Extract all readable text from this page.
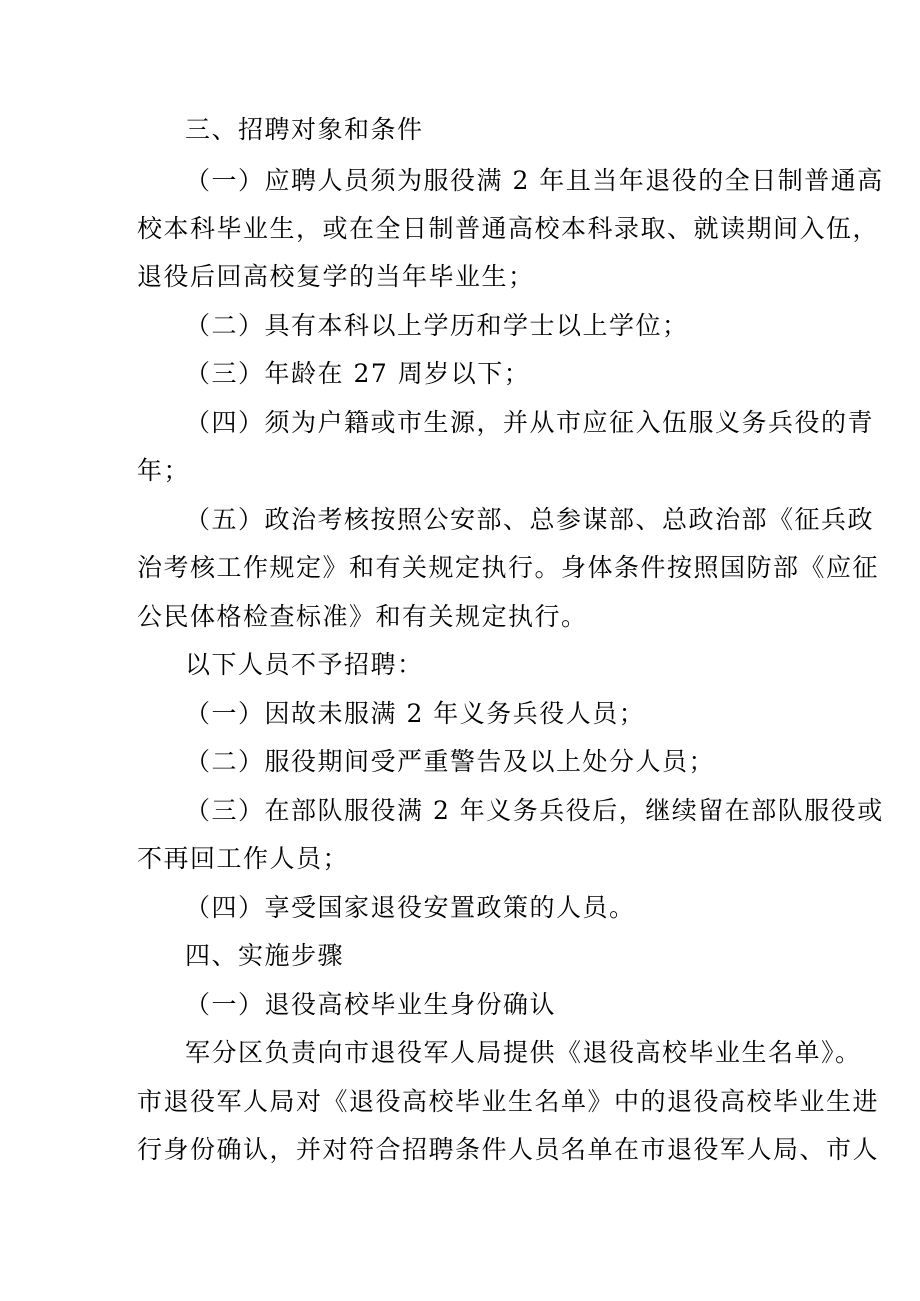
三、招聘对象和条件
（一）应聘人员须为服役满 2 年且当年退役的全日制普通高
校本科毕业生，或在全日制普通高校本科录取、就读期间入伍，
退役后回高校复学的当年毕业生；
（二）具有本科以上学历和学士以上学位；
（三）年龄在 27 周岁以下；
（四）须为户籍或市生源，并从市应征入伍服义务兵役的青
年；
（五）政治考核按照公安部、总参谋部、总政治部《征兵政
治考核工作规定》和有关规定执行。身体条件按照国防部《应征
公民体格检查标准》和有关规定执行。
以下人员不予招聘：
（一）因故未服满 2 年义务兵役人员；
（二）服役期间受严重警告及以上处分人员；
（三）在部队服役满 2 年义务兵役后，继续留在部队服役或
不再回工作人员；
（四）享受国家退役安置政策的人员。
四、实施步骤
（一）退役高校毕业生身份确认
军分区负责向市退役军人局提供《退役高校毕业生名单》。
市退役军人局对《退役高校毕业生名单》中的退役高校毕业生进
行身份确认，并对符合招聘条件人员名单在市退役军人局、市人
